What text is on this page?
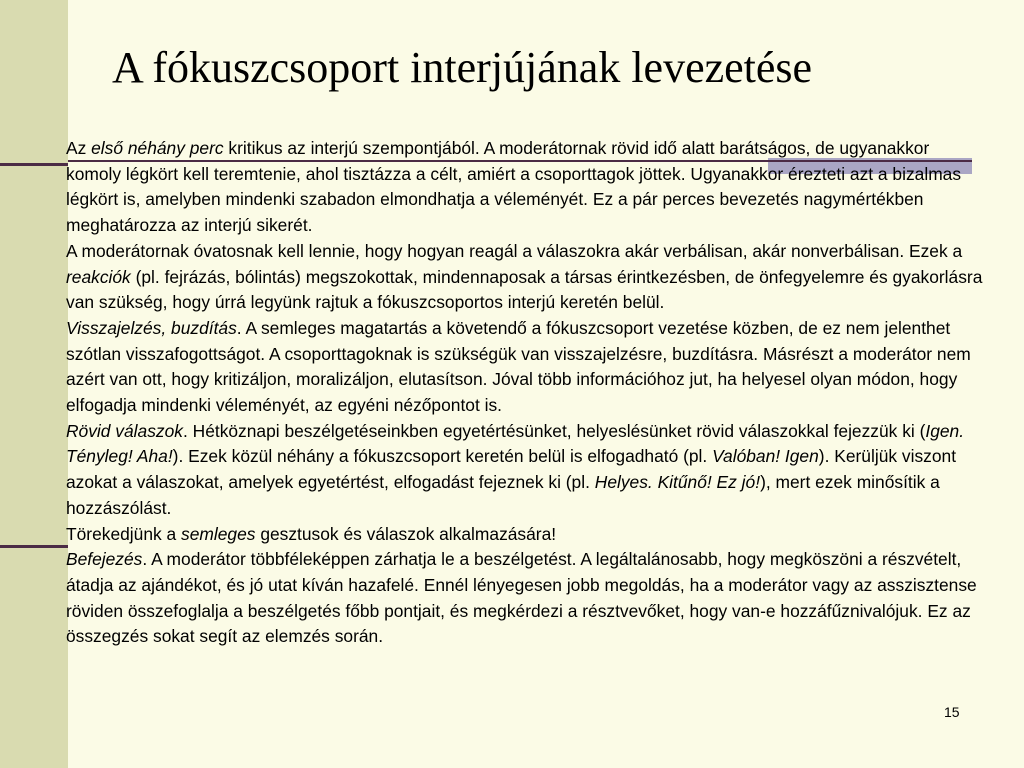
A fókuszcsoport interjújának levezetése

Az első néhány perc kritikus az interjú szempontjából. A moderátornak rövid idő alatt barátságos, de ugyanakkor komoly légkört kell teremtenie, ahol tisztázza a célt, amiért a csoporttagok jöttek. Ugyanakkor érezteti azt a bizalmas légkört is, amelyben mindenki szabadon elmondhatja a véleményét. Ez a pár perces bevezetés nagymértékben meghatározza az interjú sikerét.

A moderátornak óvatosnak kell lennie, hogy hogyan reagál a válaszokra akár verbálisan, akár nonverbálisan. Ezek a reakciók (pl. fejrázás, bólintás) megszokottak, mindennaposak a társas érintkezésben, de önfegyelemre és gyakorlásra van szükség, hogy úrrá legyünk rajtuk a fókuszcsoportos interjú keretén belül.

Visszajelzés, buzdítás. A semleges magatartás a követendő a fókuszcsoport vezetése közben, de ez nem jelenthet szótlan visszafogottságot. A csoporttagoknak is szükségük van visszajelzésre, buzdításra. Másrészt a moderátor nem azért van ott, hogy kritizáljon, moralizáljon, elutasítson. Jóval több információhoz jut, ha helyesel olyan módon, hogy elfogadja mindenki véleményét, az egyéni nézőpontot is.

Rövid válaszok. Hétköznapi beszélgetéseinkben egyetértésünket, helyeslésünket rövid válaszokkal fejezzük ki (Igen. Tényleg! Aha!). Ezek közül néhány a fókuszcsoport keretén belül is elfogadható (pl. Valóban! Igen). Kerüljük viszont azokat a válaszokat, amelyek egyetértést, elfogadást fejeznek ki (pl. Helyes. Kitűnő! Ez jó!), mert ezek minősítik a hozzászólást.

Törekedjünk a semleges gesztusok és válaszok alkalmazására!

Befejezés. A moderátor többféleképpen zárhatja le a beszélgetést. A legáltalánosabb, hogy megköszöni a részvételt, átadja az ajándékot, és jó utat kíván hazafelé. Ennél lényegesen jobb megoldás, ha a moderátor vagy az asszisztense röviden összefoglalja a beszélgetés főbb pontjait, és megkérdezi a résztvevőket, hogy van-e hozzáfűznivalójuk. Ez az összegzés sokat segít az elemzés során.

15
